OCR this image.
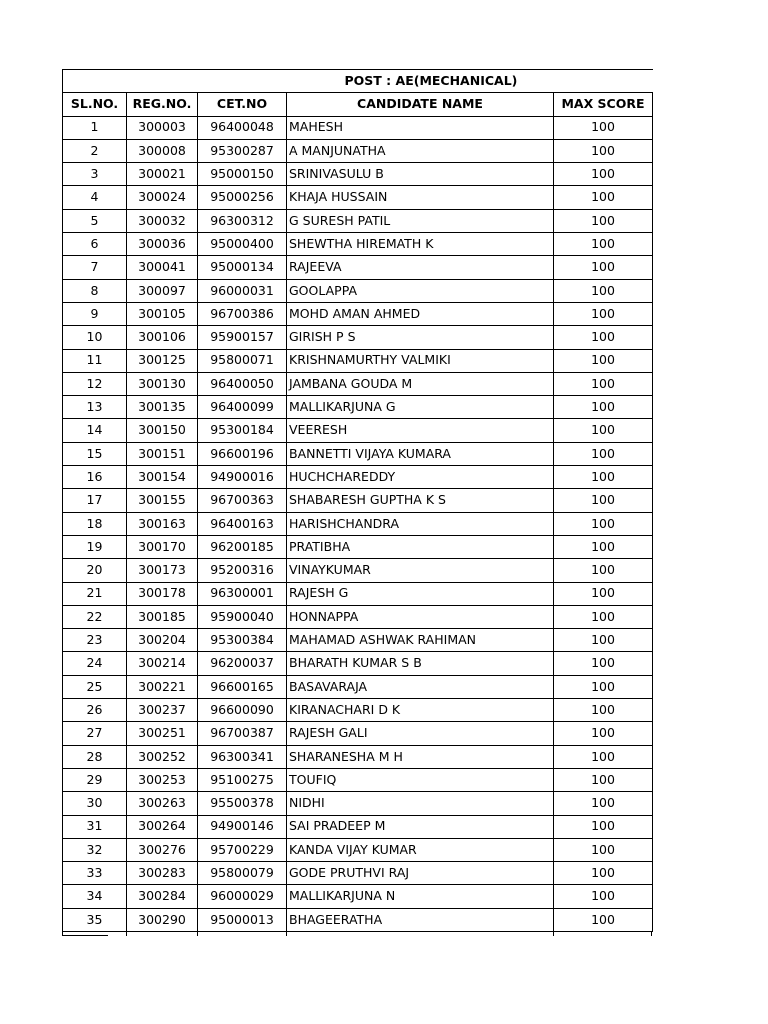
	POST : AE(MECHANICAL)			
SL.NO.	REG.NO.	CET.NO	CANDIDATE NAME	MAX SCORE
1	300003	96400048	MAHESH	100
2	300008	95300287	A MANJUNATHA	100
3	300021	95000150	SRINIVASULU B	100
4	300024	95000256	KHAJA HUSSAIN	100
5	300032	96300312	G SURESH PATIL	100
6	300036	95000400	SHEWTHA HIREMATH K	100
7	300041	95000134	RAJEEVA	100
8	300097	96000031	GOOLAPPA	100
9	300105	96700386	MOHD AMAN AHMED	100
10	300106	95900157	GIRISH P S	100
11	300125	95800071	KRISHNAMURTHY VALMIKI	100
12	300130	96400050	JAMBANA GOUDA M	100
13	300135	96400099	MALLIKARJUNA G	100
14	300150	95300184	VEERESH	100
15	300151	96600196	BANNETTI VIJAYA KUMARA	100
16	300154	94900016	HUCHCHAREDDY	100
17	300155	96700363	SHABARESH GUPTHA K S	100
18	300163	96400163	HARISHCHANDRA	100
19	300170	96200185	PRATIBHA	100
20	300173	95200316	VINAYKUMAR	100
21	300178	96300001	RAJESH G	100
22	300185	95900040	HONNAPPA	100
23	300204	95300384	MAHAMAD ASHWAK RAHIMAN	100
24	300214	96200037	BHARATH KUMAR S B	100
25	300221	96600165	BASAVARAJA	100
26	300237	96600090	KIRANACHARI D K	100
27	300251	96700387	RAJESH GALI	100
28	300252	96300341	SHARANESHA M H	100
29	300253	95100275	TOUFIQ	100
30	300263	95500378	NIDHI	100
31	300264	94900146	SAI PRADEEP M	100
32	300276	95700229	KANDA VIJAY KUMAR	100
33	300283	95800079	GODE PRUTHVI RAJ	100
34	300284	96000029	MALLIKARJUNA N	100
35	300290	95000013	BHAGEERATHA	100
